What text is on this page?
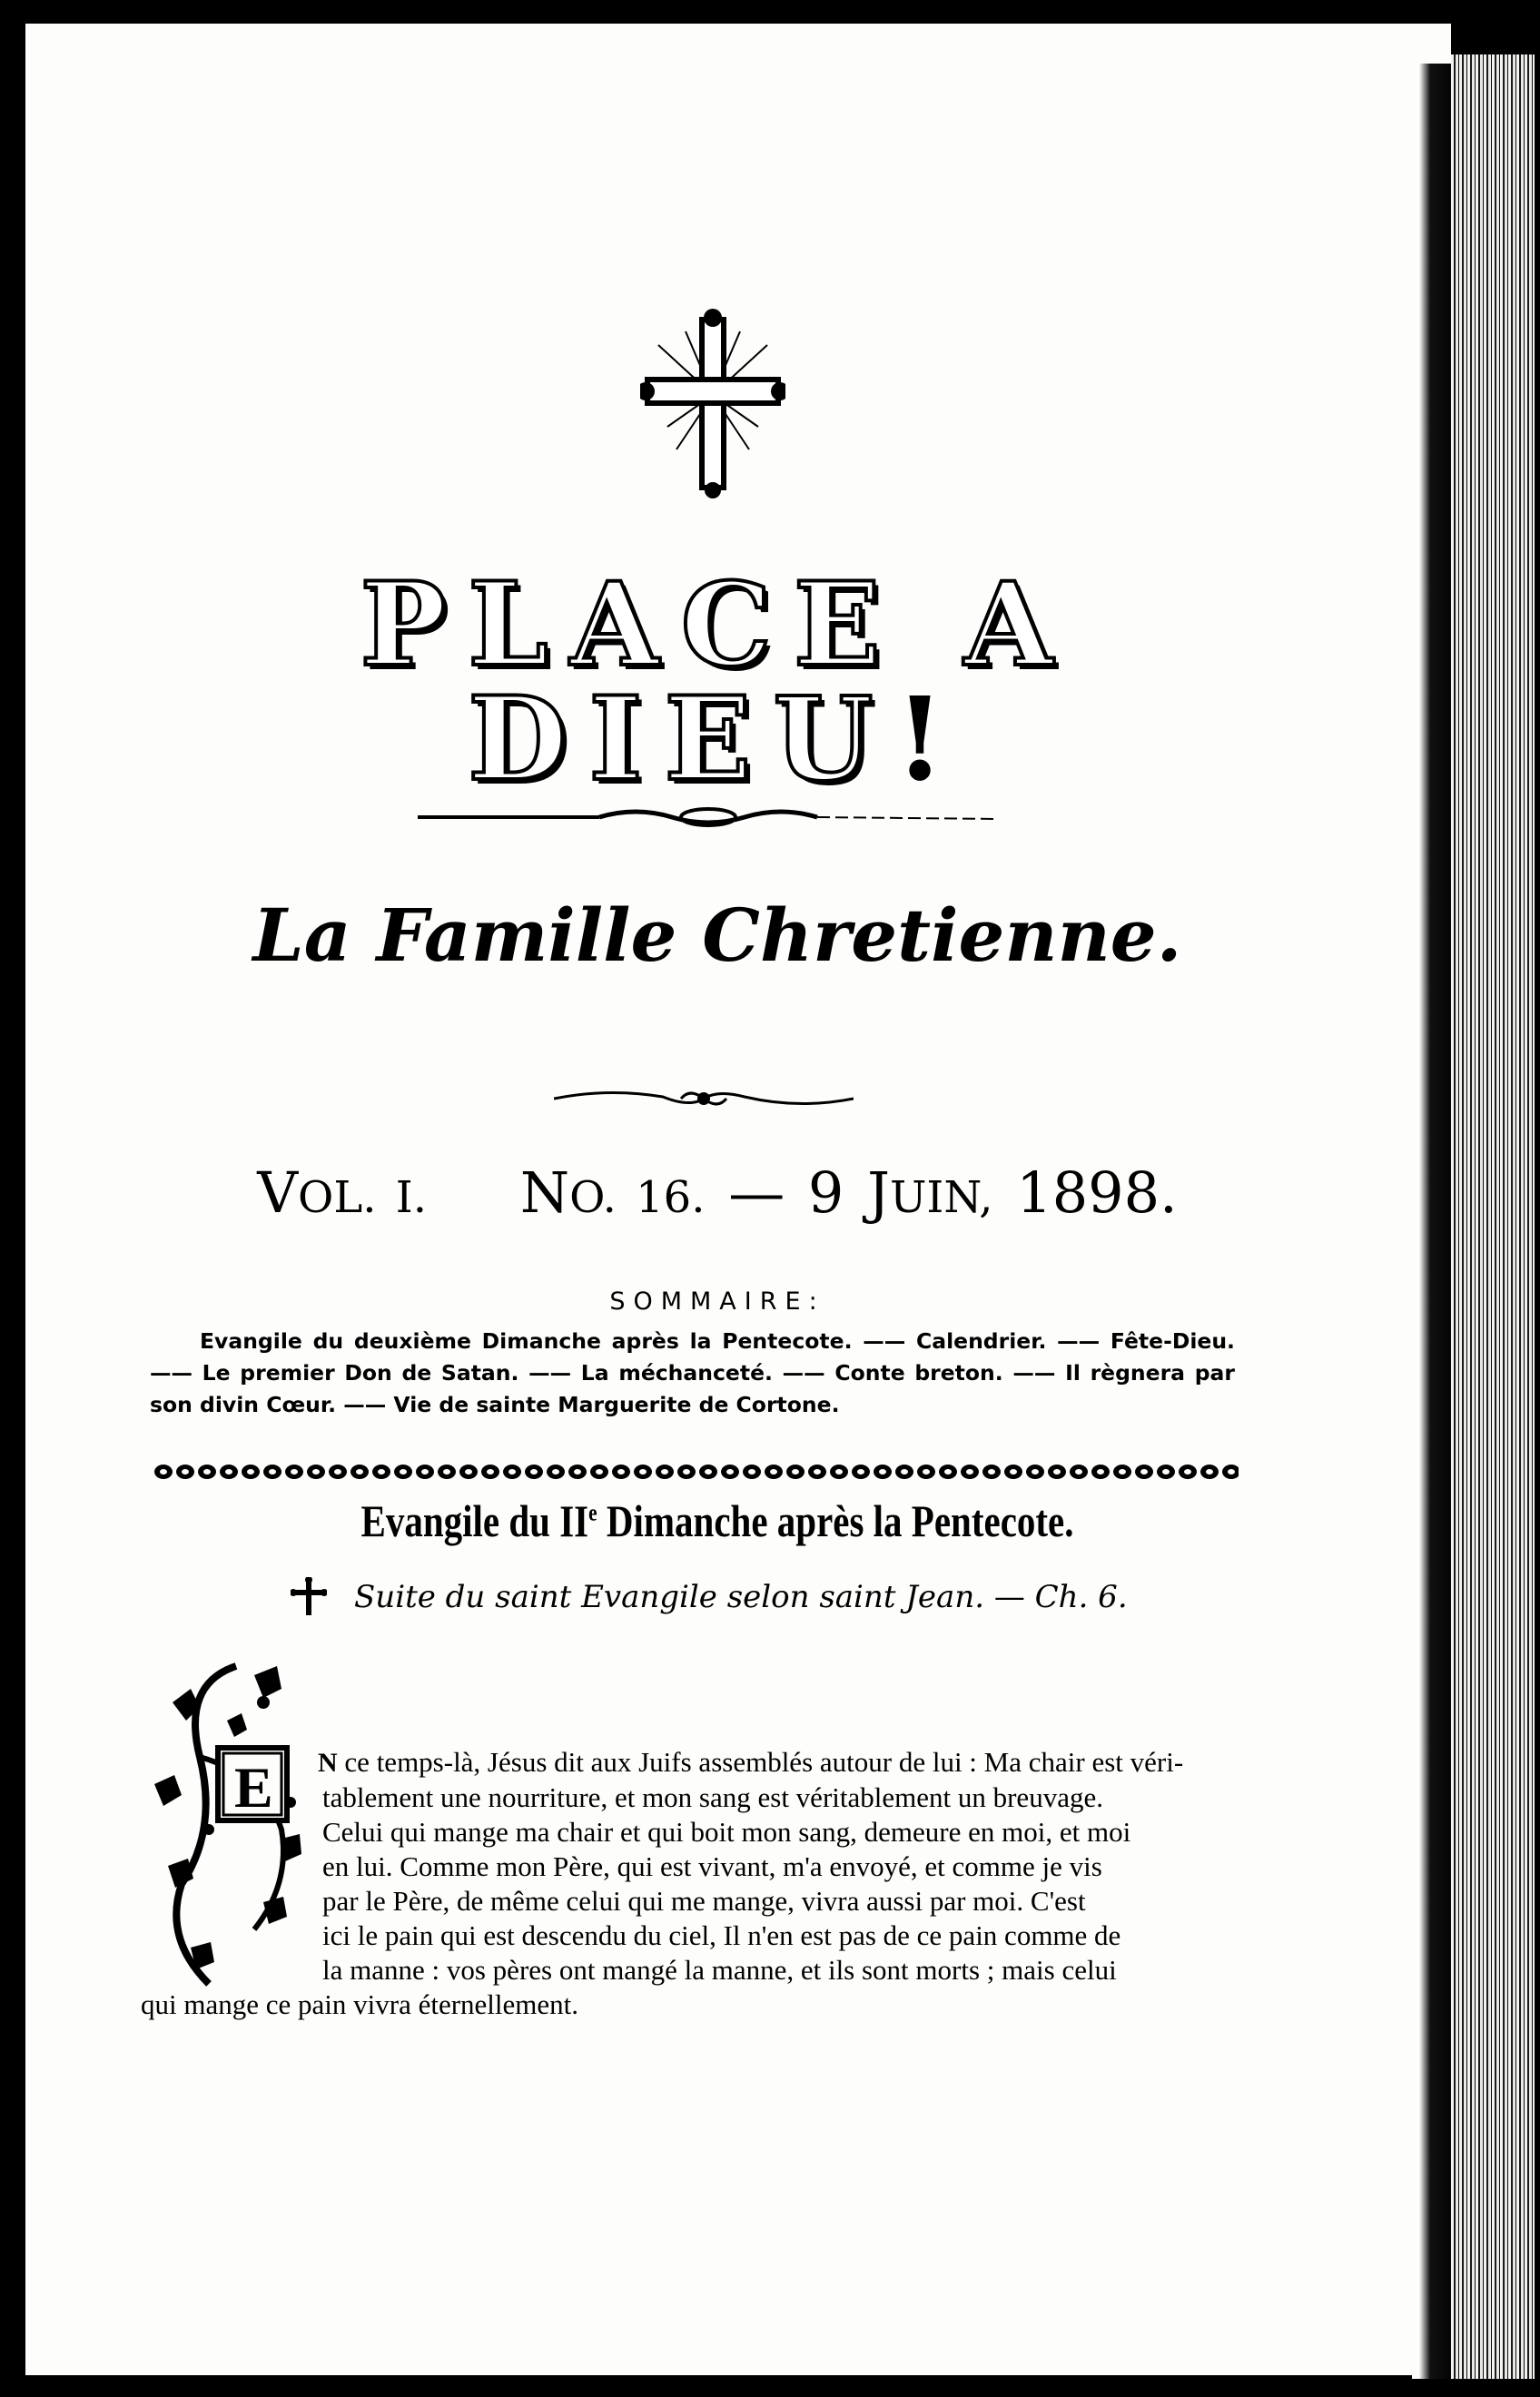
PLACE A DIEU!
La Famille Chretienne.
VOL. I. NO. 16. — 9 JUIN, 1898.
SOMMAIRE:
Evangile du deuxième Dimanche après la Pentecote. —— Calendrier. —— Fête-Dieu. —— Le premier Don de Satan. —— La méchanceté. —— Conte breton. —— Il règnera par son divin Cœur. —— Vie de sainte Marguerite de Cortone.
Evangile du IIe Dimanche après la Pentecote.
Suite du saint Evangile selon saint Jean. — Ch. 6.
E N ce temps-là, Jésus dit aux Juifs assemblés autour de lui : Ma chair est véri-
tablement une nourriture, et mon sang est véritablement un breuvage.
Celui qui mange ma chair et qui boit mon sang, demeure en moi, et moi
en lui. Comme mon Père, qui est vivant, m'a envoyé, et comme je vis
par le Père, de même celui qui me mange, vivra aussi par moi. C'est
ici le pain qui est descendu du ciel, Il n'en est pas de ce pain comme de
la manne : vos pères ont mangé la manne, et ils sont morts ; mais celui
qui mange ce pain vivra éternellement.
